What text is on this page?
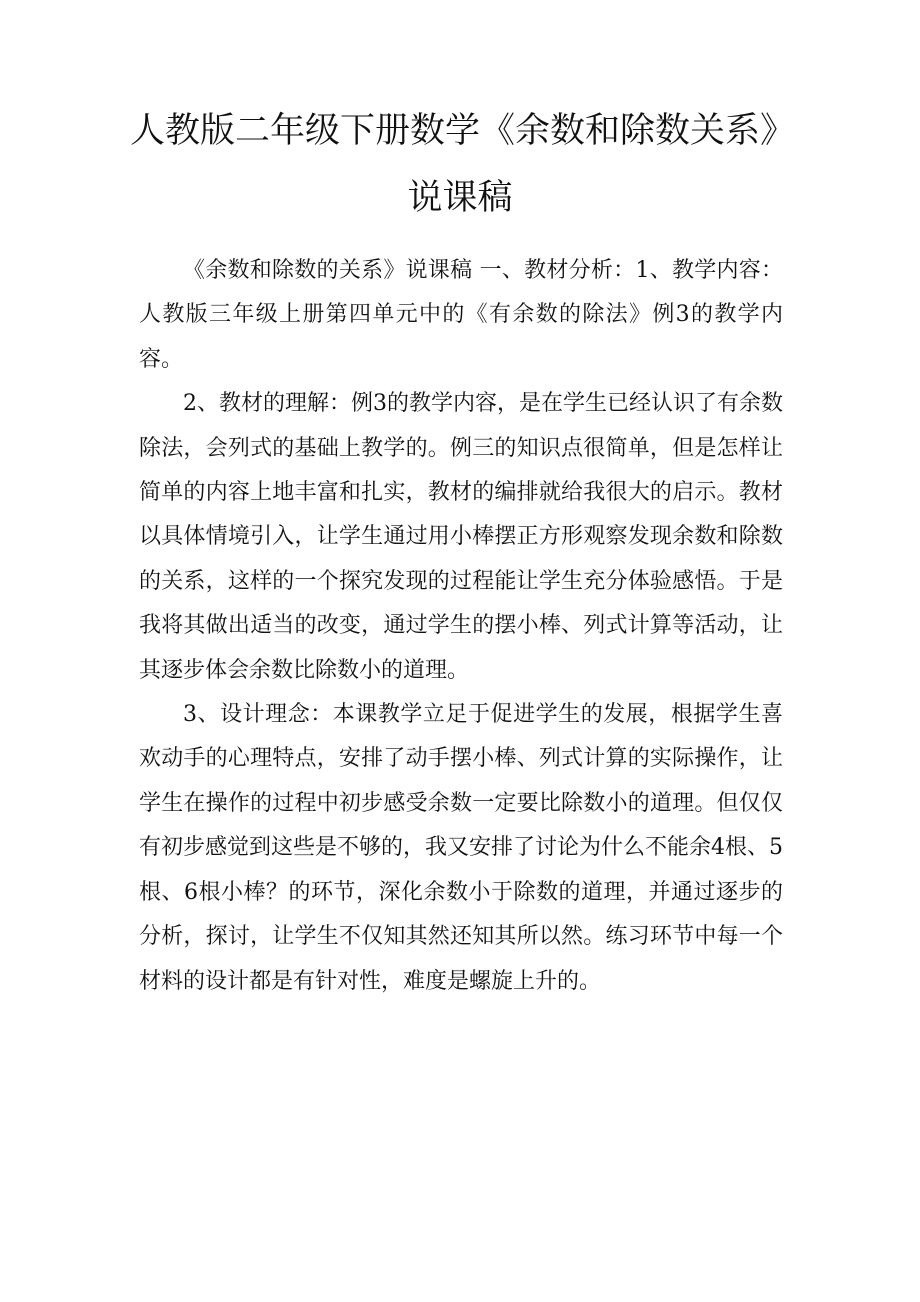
人教版二年级下册数学《余数和除数关系》
说课稿

《余数和除数的关系》说课稿 一、教材分析：1、教学内容：人教版三年级上册第四单元中的《有余数的除法》例3的教学内容。

2、教材的理解：例3的教学内容，是在学生已经认识了有余数除法，会列式的基础上教学的。例三的知识点很简单，但是怎样让简单的内容上地丰富和扎实，教材的编排就给我很大的启示。教材以具体情境引入，让学生通过用小棒摆正方形观察发现余数和除数的关系，这样的一个探究发现的过程能让学生充分体验感悟。于是我将其做出适当的改变，通过学生的摆小棒、列式计算等活动，让其逐步体会余数比除数小的道理。

3、设计理念：本课教学立足于促进学生的发展，根据学生喜欢动手的心理特点，安排了动手摆小棒、列式计算的实际操作，让学生在操作的过程中初步感受余数一定要比除数小的道理。但仅仅有初步感觉到这些是不够的，我又安排了讨论为什么不能余4根、5根、6根小棒？的环节，深化余数小于除数的道理，并通过逐步的分析，探讨，让学生不仅知其然还知其所以然。练习环节中每一个材料的设计都是有针对性，难度是螺旋上升的。
